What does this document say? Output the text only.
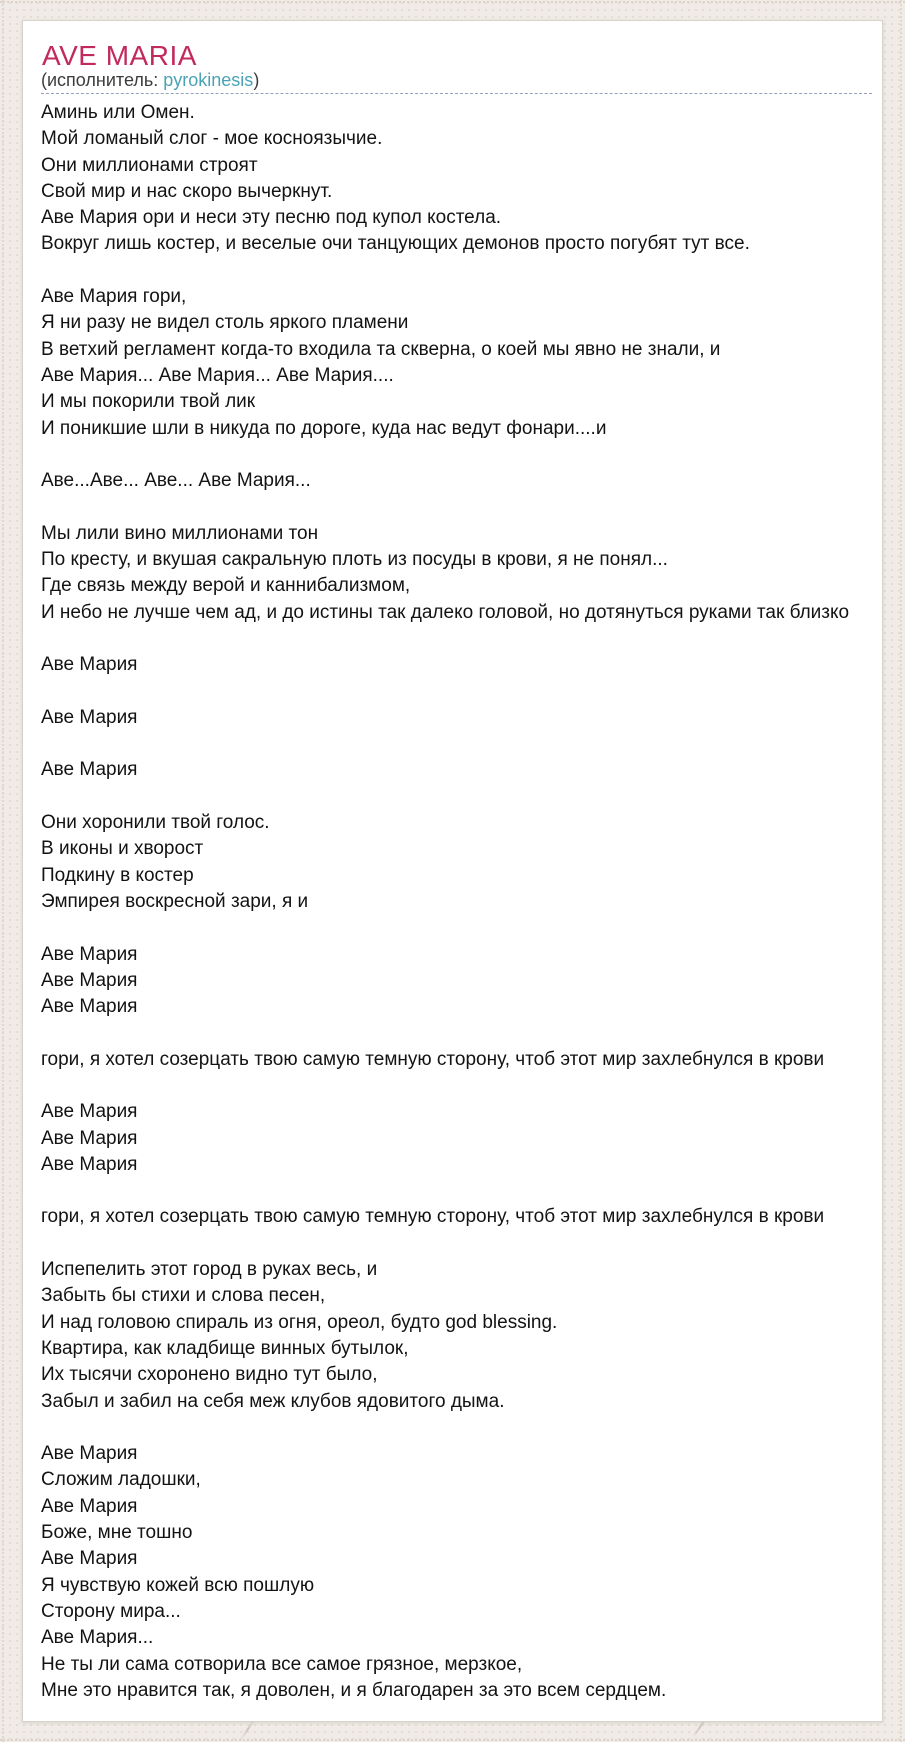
AVE MARIA
(исполнитель: pyrokinesis)
Аминь или Омен.
Мой ломаный слог - мое косноязычие.
Они миллионами строят
Свой мир и нас скоро вычеркнут.
Аве Мария ори и неси эту песню под купол костела.
Вокруг лишь костер, и веселые очи танцующих демонов просто погубят тут все.

Аве Мария гори,
Я ни разу не видел столь яркого пламени
В ветхий регламент когда-то входила та скверна, о коей мы явно не знали, и
Аве Мария... Аве Мария... Аве Мария....
И мы покорили твой лик
И поникшие шли в никуда по дороге, куда нас ведут фонари....и

Аве...Аве... Аве... Аве Мария...

Мы лили вино миллионами тон
По кресту, и вкушая сакральную плоть из посуды в крови, я не понял...
Где связь между верой и каннибализмом,
И небо не лучше чем ад, и до истины так далеко головой, но дотянуться руками так близко

Аве Мария

Аве Мария

Аве Мария

Они хоронили твой голос.
В иконы и хворост
Подкину в костер
Эмпирея воскресной зари, я и

Аве Мария
Аве Мария
Аве Мария

гори, я хотел созерцать твою самую темную сторону, чтоб этот мир захлебнулся в крови

Аве Мария
Аве Мария
Аве Мария

гори, я хотел созерцать твою самую темную сторону, чтоб этот мир захлебнулся в крови

Испепелить этот город в руках весь, и
Забыть бы стихи и слова песен,
И над головою спираль из огня, ореол, будто god blessing.
Квартира, как кладбище винных бутылок,
Их тысячи схоронено видно тут было,
Забыл и забил на себя меж клубов ядовитого дыма.

Аве Мария
Сложим ладошки,
Аве Мария
Боже, мне тошно
Аве Мария
Я чувствую кожей всю пошлую
Сторону мира...
Аве Мария...
Не ты ли сама сотворила все самое грязное, мерзкое,
Мне это нравится так, я доволен, и я благодарен за это всем сердцем.
